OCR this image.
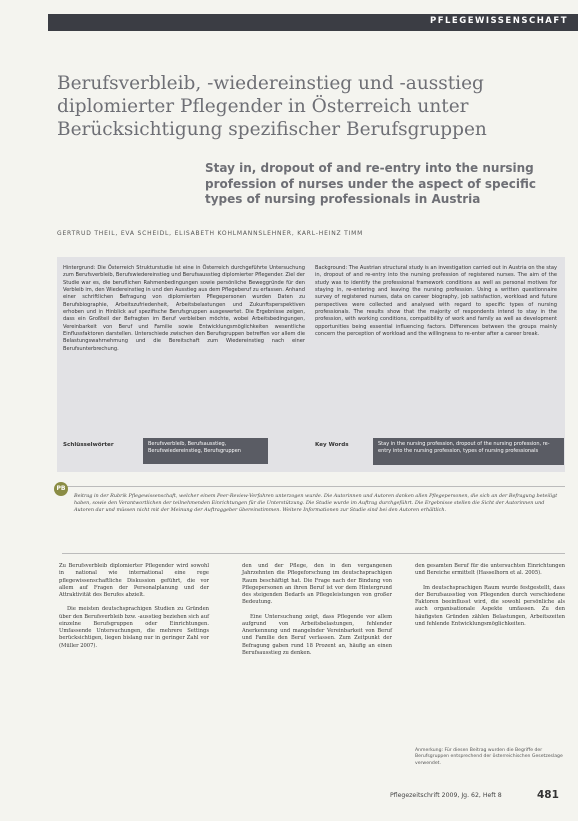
PFLEGEWISSENSCHAFT
Berufsverbleib, -wiedereinstieg und -ausstieg
diplomierter Pflegender in Österreich unter
Berücksichtigung spezifischer Berufsgruppen
Stay in, dropout of and re-entry into the nursing
profession of nurses under the aspect of specific
types of nursing professionals in Austria
GERTRUD THEIL, EVA SCHEIDL, ELISABETH KOHLMANNSLEHNER, KARL-HEINZ TIMM

Hintergrund: Die Österreich Strukturstudie ist eine in Österreich durchgeführte Untersuchung zum Berufsverbleib, Berufswiedereinstieg und Berufsausstieg diplomierter Pflegender. Ziel der Studie war es, die beruflichen Rahmenbedingungen sowie persönliche Beweggründe für den Verbleib im, den Wiedereinstieg in und den Ausstieg aus dem Pflegeberuf zu erfassen. Anhand einer schriftlichen Befragung von diplomierten Pflegepersonen wurden Daten zu Berufsbiographie, Arbeitszufriedenheit, Arbeitsbelastungen und Zukunftsperspektiven erhoben und in Hinblick auf spezifische Berufsgruppen ausgewertet. Die Ergebnisse zeigen, dass ein Großteil der Befragten im Beruf verbleiben möchte, wobei Arbeitsbedingungen, Vereinbarkeit von Beruf und Familie sowie Entwicklungsmöglichkeiten wesentliche Einflussfaktoren darstellen. Unterschiede zwischen den Berufsgruppen betreffen vor allem die Belastungswahrnehmung und die Bereitschaft zum Wiedereinstieg nach einer Berufsunterbrechung.

Background: The Austrian structural study is an investigation carried out in Austria on the stay in, dropout of and re-entry into the nursing profession of registered nurses. The aim of the study was to identify the professional framework conditions as well as personal motives for staying in, re-entering and leaving the nursing profession. Using a written questionnaire survey of registered nurses, data on career biography, job satisfaction, workload and future perspectives were collected and analysed with regard to specific types of nursing professionals. The results show that the majority of respondents intend to stay in the profession, with working conditions, compatibility of work and family as well as development opportunities being essential influencing factors. Differences between the groups mainly concern the perception of workload and the willingness to re-enter after a career break.

Schlüsselwörter	Berufsverbleib, Berufsausstieg, Berufswiedereinstieg, Berufsgruppen
Key Words	Stay in the nursing profession, dropout of the nursing profession, re-entry into the nursing profession, types of nursing professionals
PB

Beitrag in der Rubrik Pflegewissenschaft, welcher einem Peer-Review-Verfahren unterzogen wurde. Die Autorinnen und Autoren danken allen Pflegepersonen, die sich an der Befragung beteiligt haben, sowie den Verantwortlichen der teilnehmenden Einrichtungen für die Unterstützung. Die Studie wurde im Auftrag durchgeführt. Die Ergebnisse stellen die Sicht der Autorinnen und Autoren dar und müssen nicht mit der Meinung der Auftraggeber übereinstimmen. Weitere Informationen zur Studie sind bei den Autoren erhältlich.

Zu Berufsverbleib diplomierter Pflegender wird sowohl in national wie international eine rege pflegewissenschaftliche Diskussion geführt, die vor allem auf Fragen der Personalplanung und der Attraktivität des Berufes abzielt.

Die meisten deutschsprachigen Studien zu Gründen über den Berufsverbleib bzw. -ausstieg beziehen sich auf einzelne Berufsgruppen oder Einrichtungen. Umfassende Untersuchungen, die mehrere Settings berücksichtigen, liegen bislang nur in geringer Zahl vor (Müller 2007).

den und der Pflege, den in den vergangenen Jahrzehnten die Pflegeforschung im deutschsprachigen Raum beschäftigt hat. Die Frage nach der Bindung von Pflegepersonen an ihren Beruf ist vor dem Hintergrund des steigenden Bedarfs an Pflegeleistungen von großer Bedeutung.

Eine Untersuchung zeigt, dass Pflegende vor allem aufgrund von Arbeitsbelastungen, fehlender Anerkennung und mangelnder Vereinbarkeit von Beruf und Familie den Beruf verlassen. Zum Zeitpunkt der Befragung gaben rund 18 Prozent an, häufig an einen Berufsausstieg zu denken.

den gesamten Beruf für die untersuchten Einrichtungen und Bereiche ermittelt (Hasselhorn et al. 2005).

Im deutschsprachigen Raum wurde festgestellt, dass der Berufsausstieg von Pflegenden durch verschiedene Faktoren beeinflusst wird, die sowohl persönliche als auch organisationale Aspekte umfassen. Zu den häufigsten Gründen zählen Belastungen, Arbeitszeiten und fehlende Entwicklungsmöglichkeiten.

Anmerkung: Für diesen Beitrag wurden die Begriffe der Berufsgruppen entsprechend der österreichischen Gesetzeslage verwendet.

Pflegezeitschrift 2009, Jg. 62, Heft 8	481
